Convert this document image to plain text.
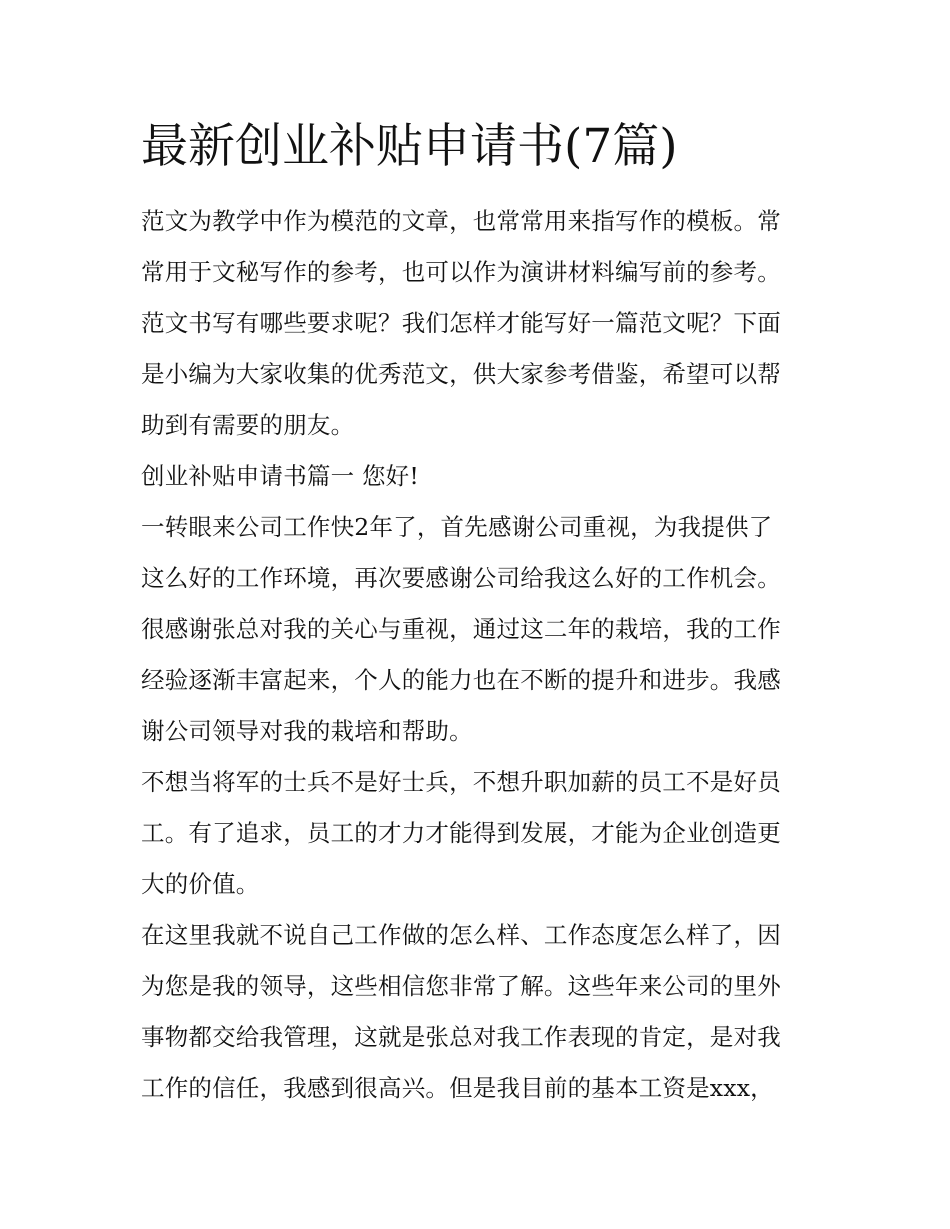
最新创业补贴申请书(7篇)
范文为教学中作为模范的文章，也常常用来指写作的模板。常
常用于文秘写作的参考，也可以作为演讲材料编写前的参考。
范文书写有哪些要求呢？我们怎样才能写好一篇范文呢？下面
是小编为大家收集的优秀范文，供大家参考借鉴，希望可以帮
助到有需要的朋友。
创业补贴申请书篇一 您好!
一转眼来公司工作快2年了，首先感谢公司重视，为我提供了
这么好的工作环境，再次要感谢公司给我这么好的工作机会。
很感谢张总对我的关心与重视，通过这二年的栽培，我的工作
经验逐渐丰富起来，个人的能力也在不断的提升和进步。我感
谢公司领导对我的栽培和帮助。
不想当将军的士兵不是好士兵，不想升职加薪的员工不是好员
工。有了追求，员工的才力才能得到发展，才能为企业创造更
大的价值。
在这里我就不说自己工作做的怎么样、工作态度怎么样了，因
为您是我的领导，这些相信您非常了解。这些年来公司的里外
事物都交给我管理，这就是张总对我工作表现的肯定，是对我
工作的信任，我感到很高兴。但是我目前的基本工资是xxx，
